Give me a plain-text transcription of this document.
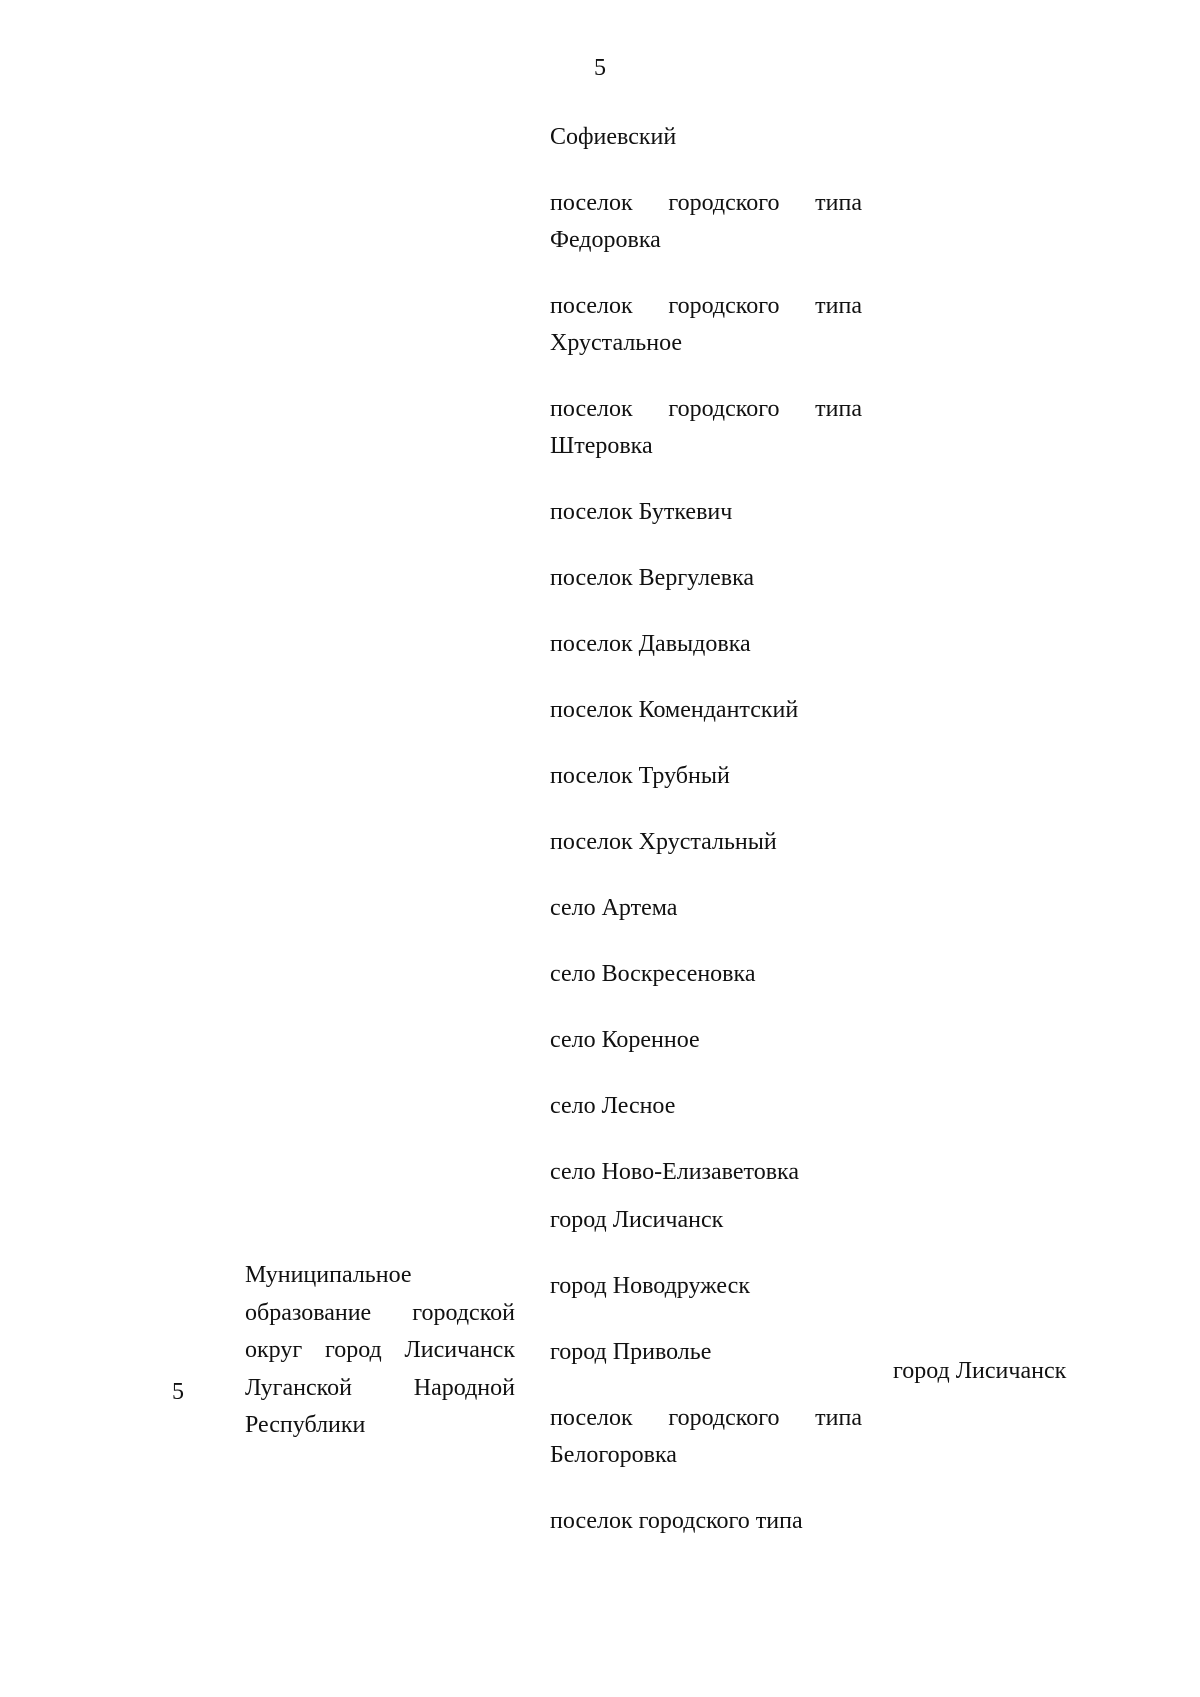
5

Софиевский

поселок городского типа Федоровка

поселок городского типа Хрустальное

поселок городского типа Штеровка

поселок Буткевич

поселок Вергулевка

поселок Давыдовка

поселок Комендантский

поселок Трубный

поселок Хрустальный

село Артема

село Воскресеновка

село Коренное

село Лесное

село Ново-Елизаветовка

5

Муниципальное образование городской округ город Лисичанск Луганской Народной Республики

город Лисичанск

город Новодружеск

город Приволье

поселок городского типа Белогоровка

поселок городского типа

город Лисичанск
